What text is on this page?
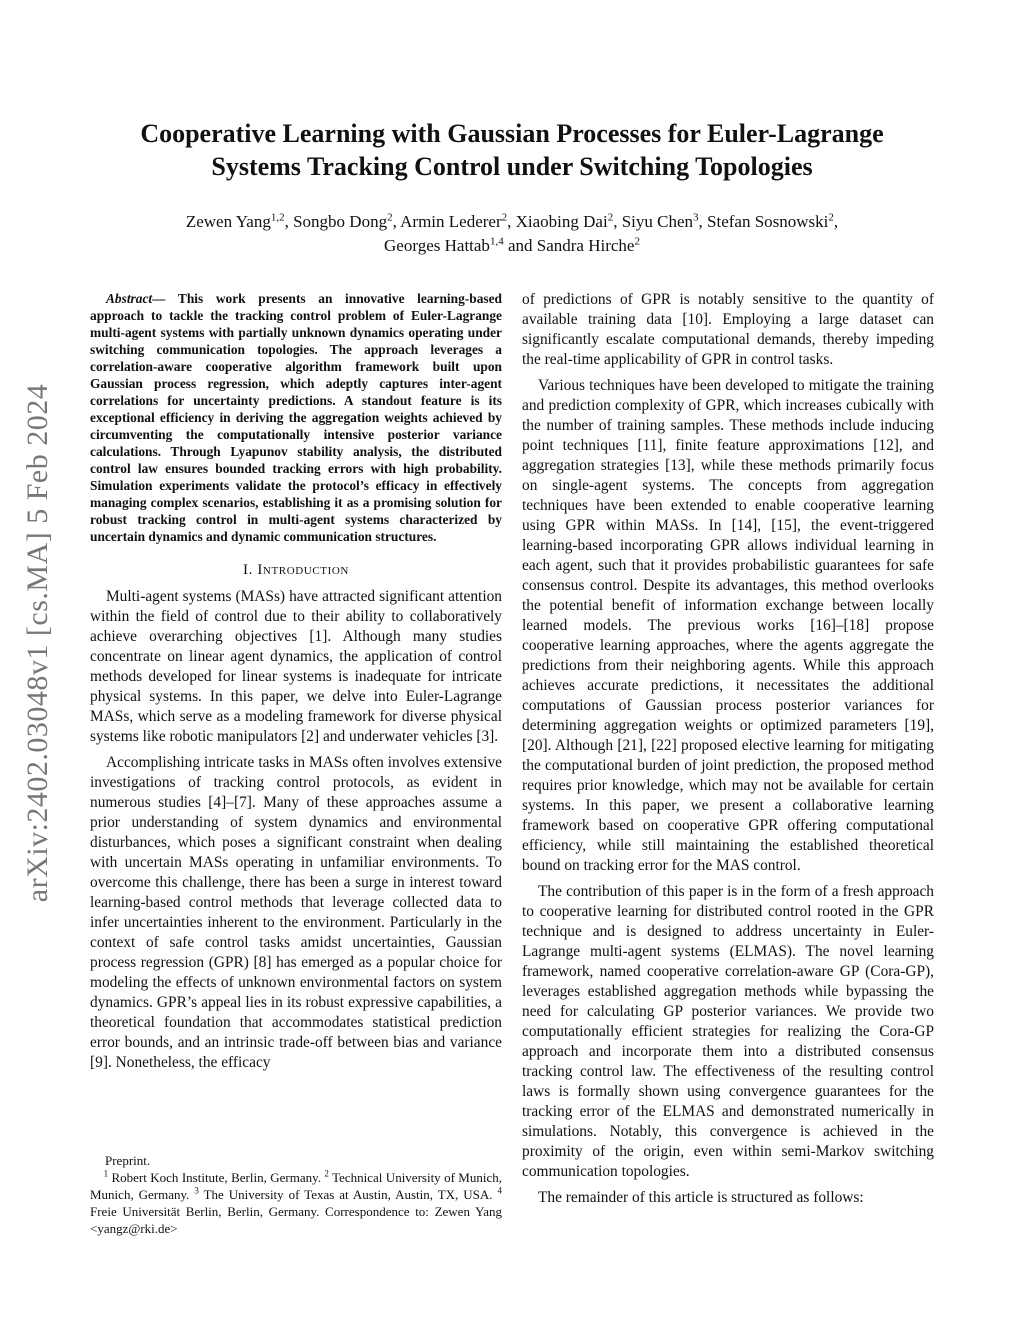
arXiv:2402.03048v1 [cs.MA] 5 Feb 2024
Cooperative Learning with Gaussian Processes for Euler-Lagrange
Systems Tracking Control under Switching Topologies
Zewen Yang$^{1,2}$, Songbo Dong$^2$, Armin Lederer$^2$, Xiaobing Dai$^2$, Siyu Chen$^3$, Stefan Sosnowski$^2$,
Georges Hattab$^{1,4}$ and Sandra Hirche$^2$

Abstract— This work presents an innovative learning-based approach to tackle the tracking control problem of Euler-Lagrange multi-agent systems with partially unknown dynamics operating under switching communication topologies. The approach leverages a correlation-aware cooperative algorithm framework built upon Gaussian process regression, which adeptly captures inter-agent correlations for uncertainty predictions. A standout feature is its exceptional efficiency in deriving the aggregation weights achieved by circumventing the computationally intensive posterior variance calculations. Through Lyapunov stability analysis, the distributed control law ensures bounded tracking errors with high probability. Simulation experiments validate the protocol’s efficacy in effectively managing complex scenarios, establishing it as a promising solution for robust tracking control in multi-agent systems characterized by uncertain dynamics and dynamic communication structures.

I. Introduction

Multi-agent systems (MASs) have attracted significant attention within the field of control due to their ability to collaboratively achieve overarching objectives [1]. Although many studies concentrate on linear agent dynamics, the application of control methods developed for linear systems is inadequate for intricate physical systems. In this paper, we delve into Euler-Lagrange MASs, which serve as a modeling framework for diverse physical systems like robotic manipulators [2] and underwater vehicles [3].

Accomplishing intricate tasks in MASs often involves extensive investigations of tracking control protocols, as evident in numerous studies [4]–[7]. Many of these approaches assume a prior understanding of system dynamics and environmental disturbances, which poses a significant constraint when dealing with uncertain MASs operating in unfamiliar environments. To overcome this challenge, there has been a surge in interest toward learning-based control methods that leverage collected data to infer uncertainties inherent to the environment. Particularly in the context of safe control tasks amidst uncertainties, Gaussian process regression (GPR) [8] has emerged as a popular choice for modeling the effects of unknown environmental factors on system dynamics. GPR’s appeal lies in its robust expressive capabilities, a theoretical foundation that accommodates statistical prediction error bounds, and an intrinsic trade-off between bias and variance [9]. Nonetheless, the efficacy

Preprint.
$^1$ Robert Koch Institute, Berlin, Germany. $^2$ Technical University of Munich, Munich, Germany. $^3$ The University of Texas at Austin, Austin, TX, USA. $^4$ Freie Universität Berlin, Berlin, Germany. Correspondence to: Zewen Yang <yangz@rki.de>

of predictions of GPR is notably sensitive to the quantity of available training data [10]. Employing a large dataset can significantly escalate computational demands, thereby impeding the real-time applicability of GPR in control tasks.

Various techniques have been developed to mitigate the training and prediction complexity of GPR, which increases cubically with the number of training samples. These methods include inducing point techniques [11], finite feature approximations [12], and aggregation strategies [13], while these methods primarily focus on single-agent systems. The concepts from aggregation techniques have been extended to enable cooperative learning using GPR within MASs. In [14], [15], the event-triggered learning-based incorporating GPR allows individual learning in each agent, such that it provides probabilistic guarantees for safe consensus control. Despite its advantages, this method overlooks the potential benefit of information exchange between locally learned models. The previous works [16]–[18] propose cooperative learning approaches, where the agents aggregate the predictions from their neighboring agents. While this approach achieves accurate predictions, it necessitates the additional computations of Gaussian process posterior variances for determining aggregation weights or optimized parameters [19], [20]. Although [21], [22] proposed elective learning for mitigating the computational burden of joint prediction, the proposed method requires prior knowledge, which may not be available for certain systems. In this paper, we present a collaborative learning framework based on cooperative GPR offering computational efficiency, while still maintaining the established theoretical bound on tracking error for the MAS control.

The contribution of this paper is in the form of a fresh approach to cooperative learning for distributed control rooted in the GPR technique and is designed to address uncertainty in Euler-Lagrange multi-agent systems (ELMAS). The novel learning framework, named cooperative correlation-aware GP (Cora-GP), leverages established aggregation methods while bypassing the need for calculating GP posterior variances. We provide two computationally efficient strategies for realizing the Cora-GP approach and incorporate them into a distributed consensus tracking control law. The effectiveness of the resulting control laws is formally shown using convergence guarantees for the tracking error of the ELMAS and demonstrated numerically in simulations. Notably, this convergence is achieved in the proximity of the origin, even within semi-Markov switching communication topologies.

The remainder of this article is structured as follows:
